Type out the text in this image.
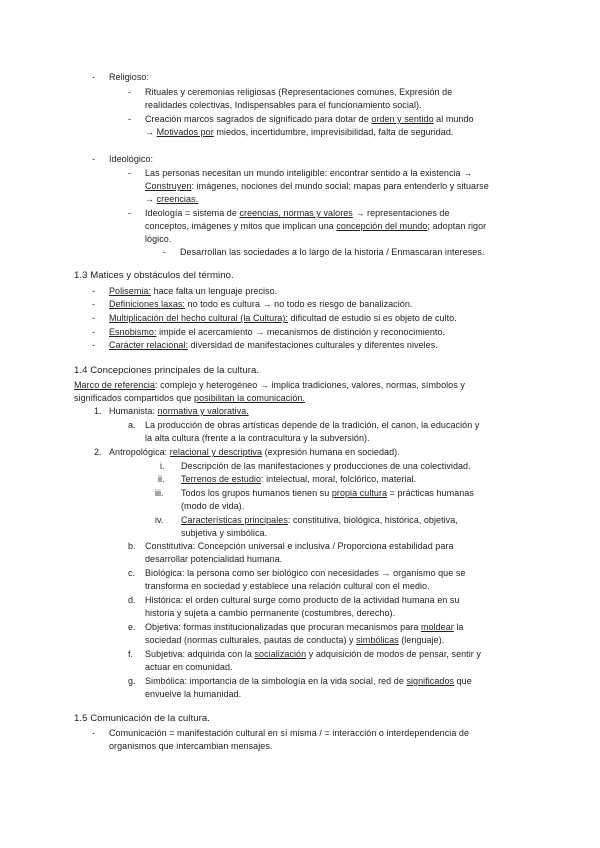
- Religioso:
- Rituales y ceremonias religiosas (Representaciones comunes, Expresión de
realidades colectivas, Indispensables para el funcionamiento social).
- Creación marcos sagrados de significado para dotar de orden y sentido al mundo
→ Motivados por miedos, incertidumbre, imprevisibilidad, falta de seguridad.
- Ideológico:
- Las personas necesitan un mundo inteligible: encontrar sentido a la existencia →
Construyen: imágenes, nociones del mundo social; mapas para entenderlo y situarse
→ creencias.
- Ideología = sistema de creencias, normas y valores → representaciones de
conceptos, imágenes y mitos que implican una concepción del mundo; adoptan rigor
lógico.
- Desarrollan las sociedades a lo largo de la historia / Enmascaran intereses.
1.3 Matices y obstáculos del término.
- Polisemia: hace falta un lenguaje preciso.
- Definiciones laxas: no todo es cultura → no todo es riesgo de banalización.
- Multiplicación del hecho cultural (la Cultura): dificultad de estudio si es objeto de culto.
- Esnobismo: impide el acercamiento → mecanismos de distinción y reconocimiento.
- Carácter relacional: diversidad de manifestaciones culturales y diferentes niveles.
1.4 Concepciones principales de la cultura.
Marco de referencia: complejo y heterogéneo → implica tradiciones, valores, normas, símbolos y
significados compartidos que posibilitan la comunicación.
1. Humanista: normativa y valorativa.
a. La producción de obras artísticas depende de la tradición, el canon, la educación y
la alta cultura (frente a la contracultura y la subversión).
2. Antropológica: relacional y descriptiva (expresión humana en sociedad).
i. Descripción de las manifestaciones y producciones de una colectividad.
ii. Terrenos de estudio: intelectual, moral, folclórico, material.
iii. Todos los grupos humanos tienen su propia cultura = prácticas humanas
(modo de vida).
iv. Características principales: constitutiva, biológica, histórica, objetiva,
subjetiva y simbólica.
b. Constitutiva: Concepción universal e inclusiva / Proporciona estabilidad para
desarrollar potencialidad humana.
c. Biológica: la persona como ser biológico con necesidades → organismo que se
transforma en sociedad y establece una relación cultural con el medio.
d. Histórica: el orden cultural surge como producto de la actividad humana en su
historia y sujeta a cambio permanente (costumbres, derecho).
e. Objetiva: formas institucionalizadas que procuran mecanismos para moldear la
sociedad (normas culturales, pautas de conducta) y simbólicas (lenguaje).
f. Subjetiva: adquirida con la socialización y adquisición de modos de pensar, sentir y
actuar en comunidad.
g. Simbólica: importancia de la simbología en la vida social, red de significados que
envuelve la humanidad.
1.5 Comunicación de la cultura.
- Comunicación = manifestación cultural en sí misma / = interacción o interdependencia de
organismos que intercambian mensajes.
